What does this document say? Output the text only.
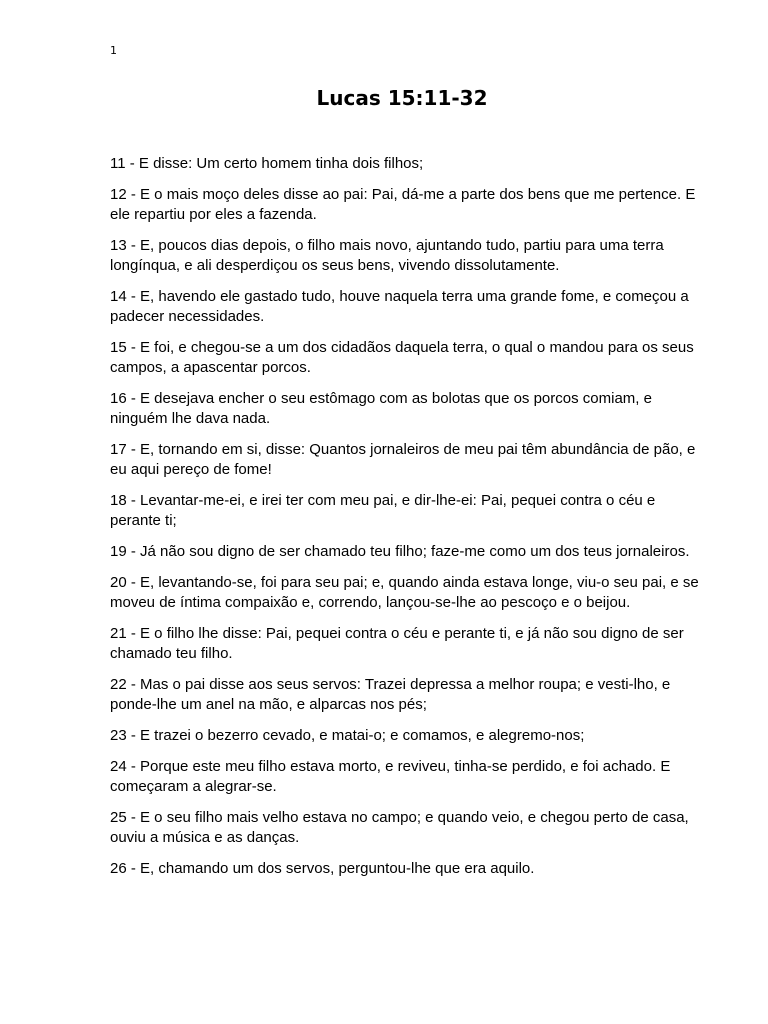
1
Lucas 15:11-32

11 - E disse: Um certo homem tinha dois filhos;

12 - E o mais moço deles disse ao pai: Pai, dá-me a parte dos bens que me pertence. E ele repartiu por eles a fazenda.

13 - E, poucos dias depois, o filho mais novo, ajuntando tudo, partiu para uma terra longínqua, e ali desperdiçou os seus bens, vivendo dissolutamente.

14 - E, havendo ele gastado tudo, houve naquela terra uma grande fome, e começou a padecer necessidades.

15 - E foi, e chegou-se a um dos cidadãos daquela terra, o qual o mandou para os seus campos, a apascentar porcos.

16 - E desejava encher o seu estômago com as bolotas que os porcos comiam, e ninguém lhe dava nada.

17 - E, tornando em si, disse: Quantos jornaleiros de meu pai têm abundância de pão, e eu aqui pereço de fome!

18 - Levantar-me-ei, e irei ter com meu pai, e dir-lhe-ei: Pai, pequei contra o céu e perante ti;

19 - Já não sou digno de ser chamado teu filho; faze-me como um dos teus jornaleiros.

20 - E, levantando-se, foi para seu pai; e, quando ainda estava longe, viu-o seu pai, e se moveu de íntima compaixão e, correndo, lançou-se-lhe ao pescoço e o beijou.

21 - E o filho lhe disse: Pai, pequei contra o céu e perante ti, e já não sou digno de ser chamado teu filho.

22 - Mas o pai disse aos seus servos: Trazei depressa a melhor roupa; e vesti-lho, e ponde-lhe um anel na mão, e alparcas nos pés;

23 - E trazei o bezerro cevado, e matai-o; e comamos, e alegremo-nos;

24 - Porque este meu filho estava morto, e reviveu, tinha-se perdido, e foi achado. E começaram a alegrar-se.

25 - E o seu filho mais velho estava no campo; e quando veio, e chegou perto de casa, ouviu a música e as danças.

26 - E, chamando um dos servos, perguntou-lhe que era aquilo.
